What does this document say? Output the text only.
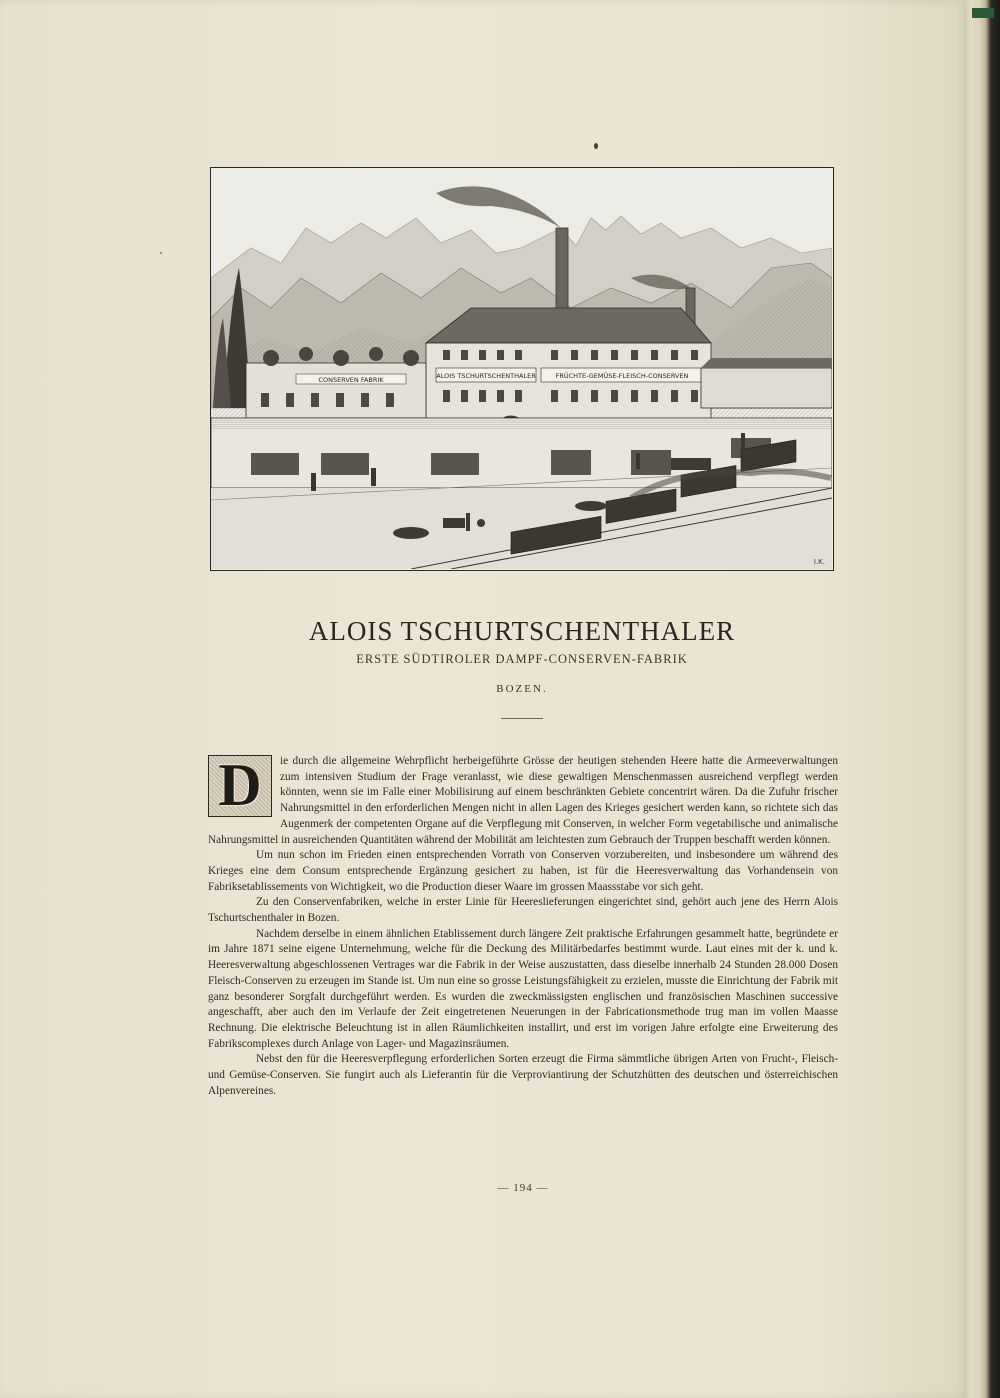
ALOIS TSCHURTSCHENTHALER	FRÜCHTE-GEMÜSE-FLEISCH-CONSERVEN
CONSERVEN FABRIK
I.K.
ALOIS TSCHURTSCHENTHALER
ERSTE SÜDTIROLER DAMPF-CONSERVEN-FABRIK
BOZEN.
D	ie durch die allgemeine Wehrpflicht herbeigeführte Grösse der heutigen stehenden Heere hatte die Armeeverwaltungen zum intensiven Studium der Frage veranlasst, wie diese gewaltigen Menschenmassen ausreichend verpflegt werden könnten, wenn sie im Falle einer Mobilisirung auf einem beschränkten Gebiete concentrirt wären. Da die Zufuhr frischer Nahrungsmittel in den erforderlichen Mengen nicht in allen Lagen des Krieges gesichert werden kann, so richtete sich das Augenmerk der competenten Organe auf die Verpflegung mit Conserven, in welcher Form vegetabilische und animalische Nahrungsmittel in ausreichenden Quantitäten während der Mobilität am leichtesten zum Gebrauch der Truppen beschafft werden können.

Um nun schon im Frieden einen entsprechenden Vorrath von Conserven vorzubereiten, und insbesondere um während des Krieges eine dem Consum entsprechende Ergänzung gesichert zu haben, ist für die Heeresverwaltung das Vorhandensein von Fabriksetablissements von Wichtigkeit, wo die Production dieser Waare im grossen Maassstabe vor sich geht.

Zu den Conservenfabriken, welche in erster Linie für Heereslieferungen eingerichtet sind, gehört auch jene des Herrn Alois Tschurtschenthaler in Bozen.

Nachdem derselbe in einem ähnlichen Etablissement durch längere Zeit praktische Erfahrungen gesammelt hatte, begründete er im Jahre 1871 seine eigene Unternehmung, welche für die Deckung des Militärbedarfes bestimmt wurde. Laut eines mit der k. und k. Heeresverwaltung abgeschlossenen Vertrages war die Fabrik in der Weise auszustatten, dass dieselbe innerhalb 24 Stunden 28.000 Dosen Fleisch-Conserven zu erzeugen im Stande ist. Um nun eine so grosse Leistungsfähigkeit zu erzielen, musste die Einrichtung der Fabrik mit ganz besonderer Sorgfalt durchgeführt werden. Es wurden die zweckmässigsten englischen und französischen Maschinen successive angeschafft, aber auch den im Verlaufe der Zeit eingetretenen Neuerungen in der Fabricationsmethode trug man im vollen Maasse Rechnung. Die elektrische Beleuchtung ist in allen Räumlichkeiten installirt, und erst im vorigen Jahre erfolgte eine Erweiterung des Fabrikscomplexes durch Anlage von Lager- und Magazinsräumen.

Nebst den für die Heeresverpflegung erforderlichen Sorten erzeugt die Firma sämmtliche übrigen Arten von Frucht-, Fleisch- und Gemüse-Conserven. Sie fungirt auch als Lieferantin für die Verproviantirung der Schutzhütten des deutschen und österreichischen Alpenvereines.

— 194 —
